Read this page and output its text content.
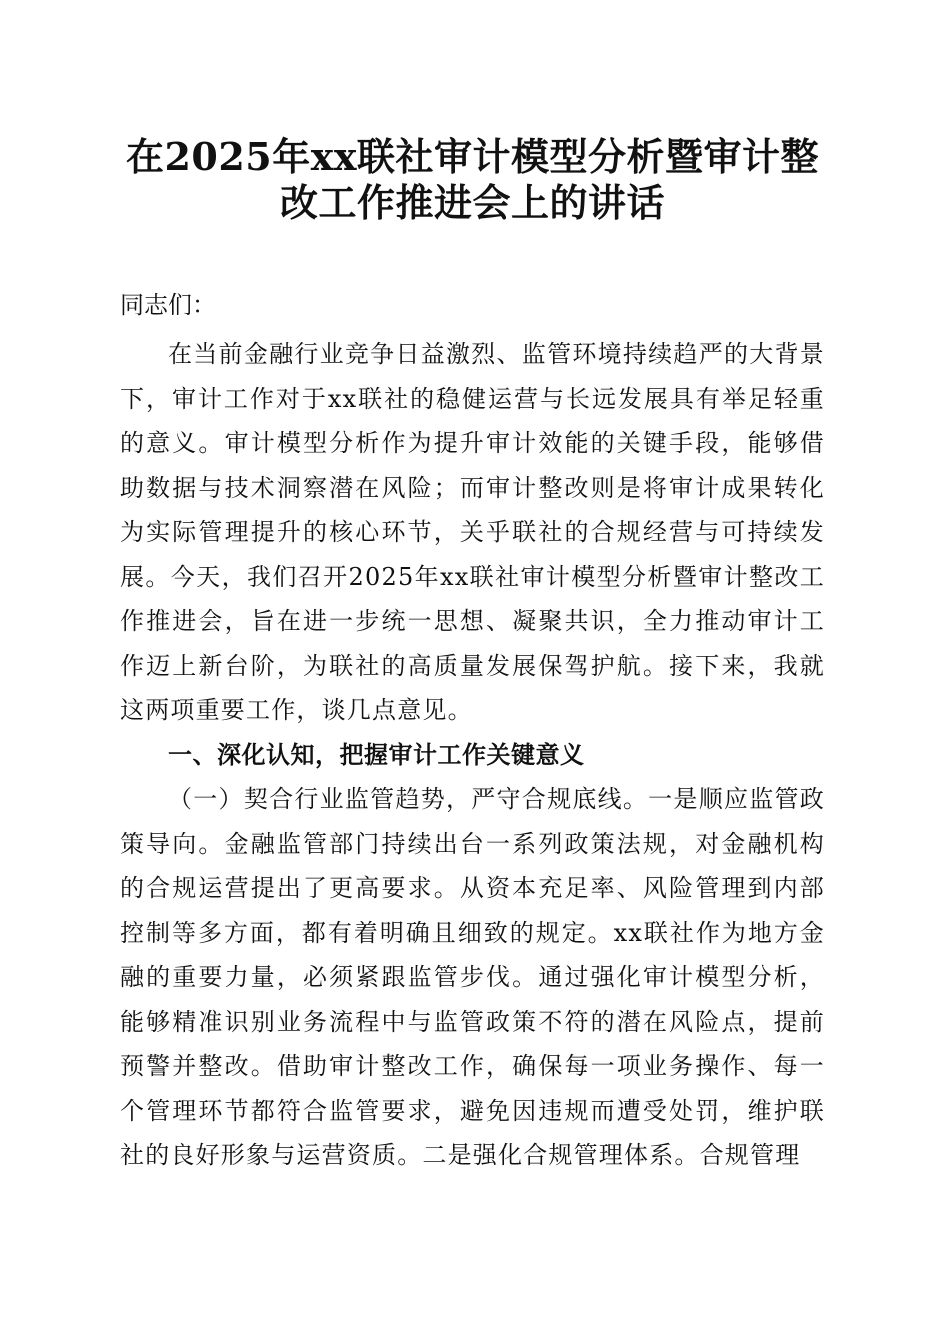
在2025年xx联社审计模型分析暨审计整改工作推进会上的讲话

同志们：

在当前金融行业竞争日益激烈、监管环境持续趋严的大背景下，审计工作对于xx联社的稳健运营与长远发展具有举足轻重的意义。审计模型分析作为提升审计效能的关键手段，能够借助数据与技术洞察潜在风险；而审计整改则是将审计成果转化为实际管理提升的核心环节，关乎联社的合规经营与可持续发展。今天，我们召开2025年xx联社审计模型分析暨审计整改工作推进会，旨在进一步统一思想、凝聚共识，全力推动审计工作迈上新台阶，为联社的高质量发展保驾护航。接下来，我就这两项重要工作，谈几点意见。

一、深化认知，把握审计工作关键意义

（一）契合行业监管趋势，严守合规底线。一是顺应监管政策导向。金融监管部门持续出台一系列政策法规，对金融机构的合规运营提出了更高要求。从资本充足率、风险管理到内部控制等多方面，都有着明确且细致的规定。xx联社作为地方金融的重要力量，必须紧跟监管步伐。通过强化审计模型分析，能够精准识别业务流程中与监管政策不符的潜在风险点，提前预警并整改。借助审计整改工作，确保每一项业务操作、每一个管理环节都符合监管要求，避免因违规而遭受处罚，维护联社的良好形象与运营资质。二是强化合规管理体系。合规管理
